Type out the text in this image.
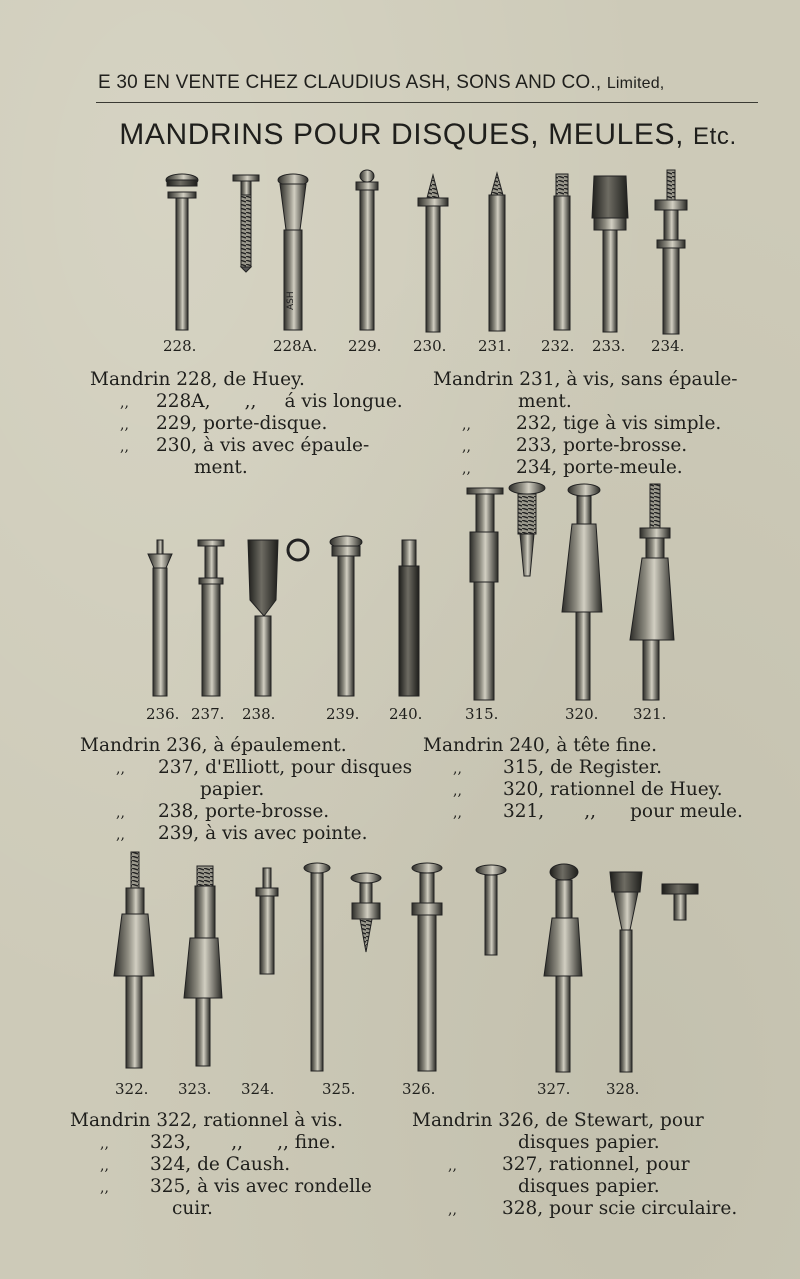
E 30 EN VENTE CHEZ CLAUDIUS ASH, SONS AND CO., Limited,
MANDRINS POUR DISQUES, MEULES, Etc.
ASH
228.	228A. 229. 230. 231. 232. 233. 234.
Mandrin 228, de Huey.
,, 228A, ,, á vis longue.
,, 229, porte-disque.
,, 230, à vis avec épaule-
ment.
Mandrin 231, à vis, sans épaule-
ment.
,, 232, tige à vis simple.
,, 233, porte-brosse.
,, 234, porte-meule.
236. 237. 238.	239. 240.	315.	320. 321.
Mandrin 236, à épaulement.
,, 237, d'Elliott, pour disques
papier.
,, 238, porte-brosse.
,, 239, à vis avec pointe.
Mandrin 240, à tête fine.
,, 315, de Register.
,, 320, rationnel de Huey.
,, 321, ,, pour meule.
322. 323. 324.	325.	326.	327. 328.
Mandrin 322, rationnel à vis.
,, 323, ,, ,, fine.
,, 324, de Caush.
,, 325, à vis avec rondelle
cuir.
Mandrin 326, de Stewart, pour
disques papier.
,, 327, rationnel, pour
disques papier.
,, 328, pour scie circulaire.
